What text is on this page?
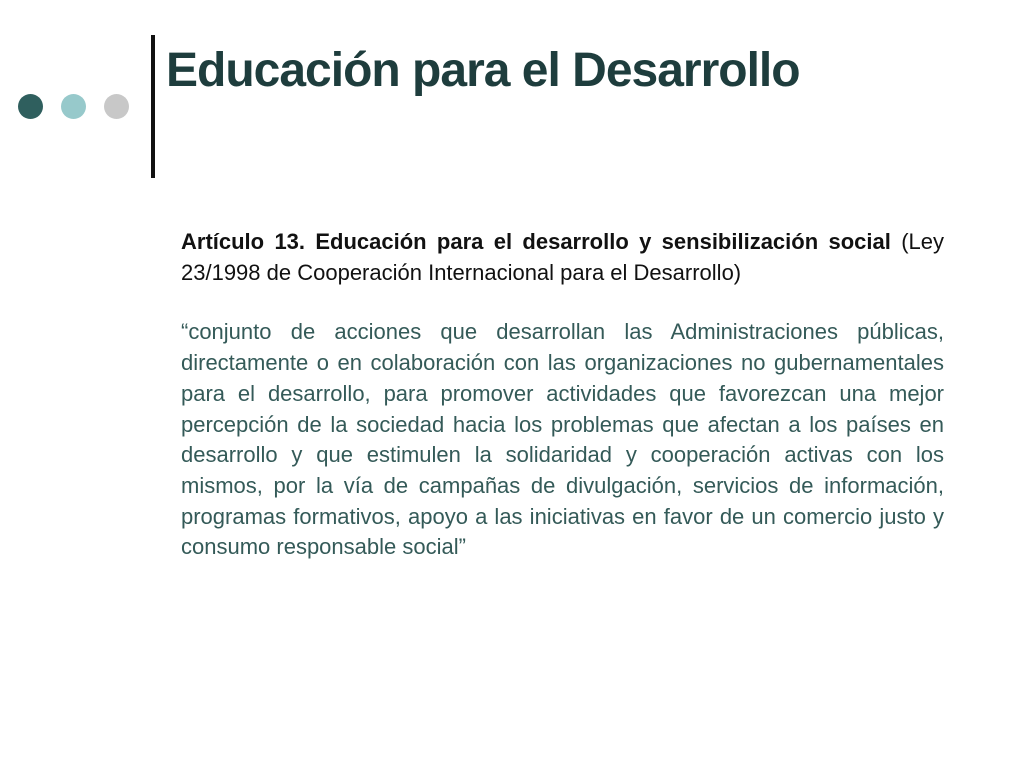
Educación para el Desarrollo

Artículo 13. Educación para el desarrollo y sensibilización social (Ley 23/1998 de Cooperación Internacional para el Desarrollo)

“conjunto de acciones que desarrollan las Administraciones públicas, directamente o en colaboración con las organizaciones no gubernamentales para el desarrollo, para promover actividades que favorezcan una mejor percepción de la sociedad hacia los problemas que afectan a los países en desarrollo y que estimulen la solidaridad y cooperación activas con los mismos, por la vía de campañas de divulgación, servicios de información, programas formativos, apoyo a las iniciativas en favor de un comercio justo y consumo responsable social”
